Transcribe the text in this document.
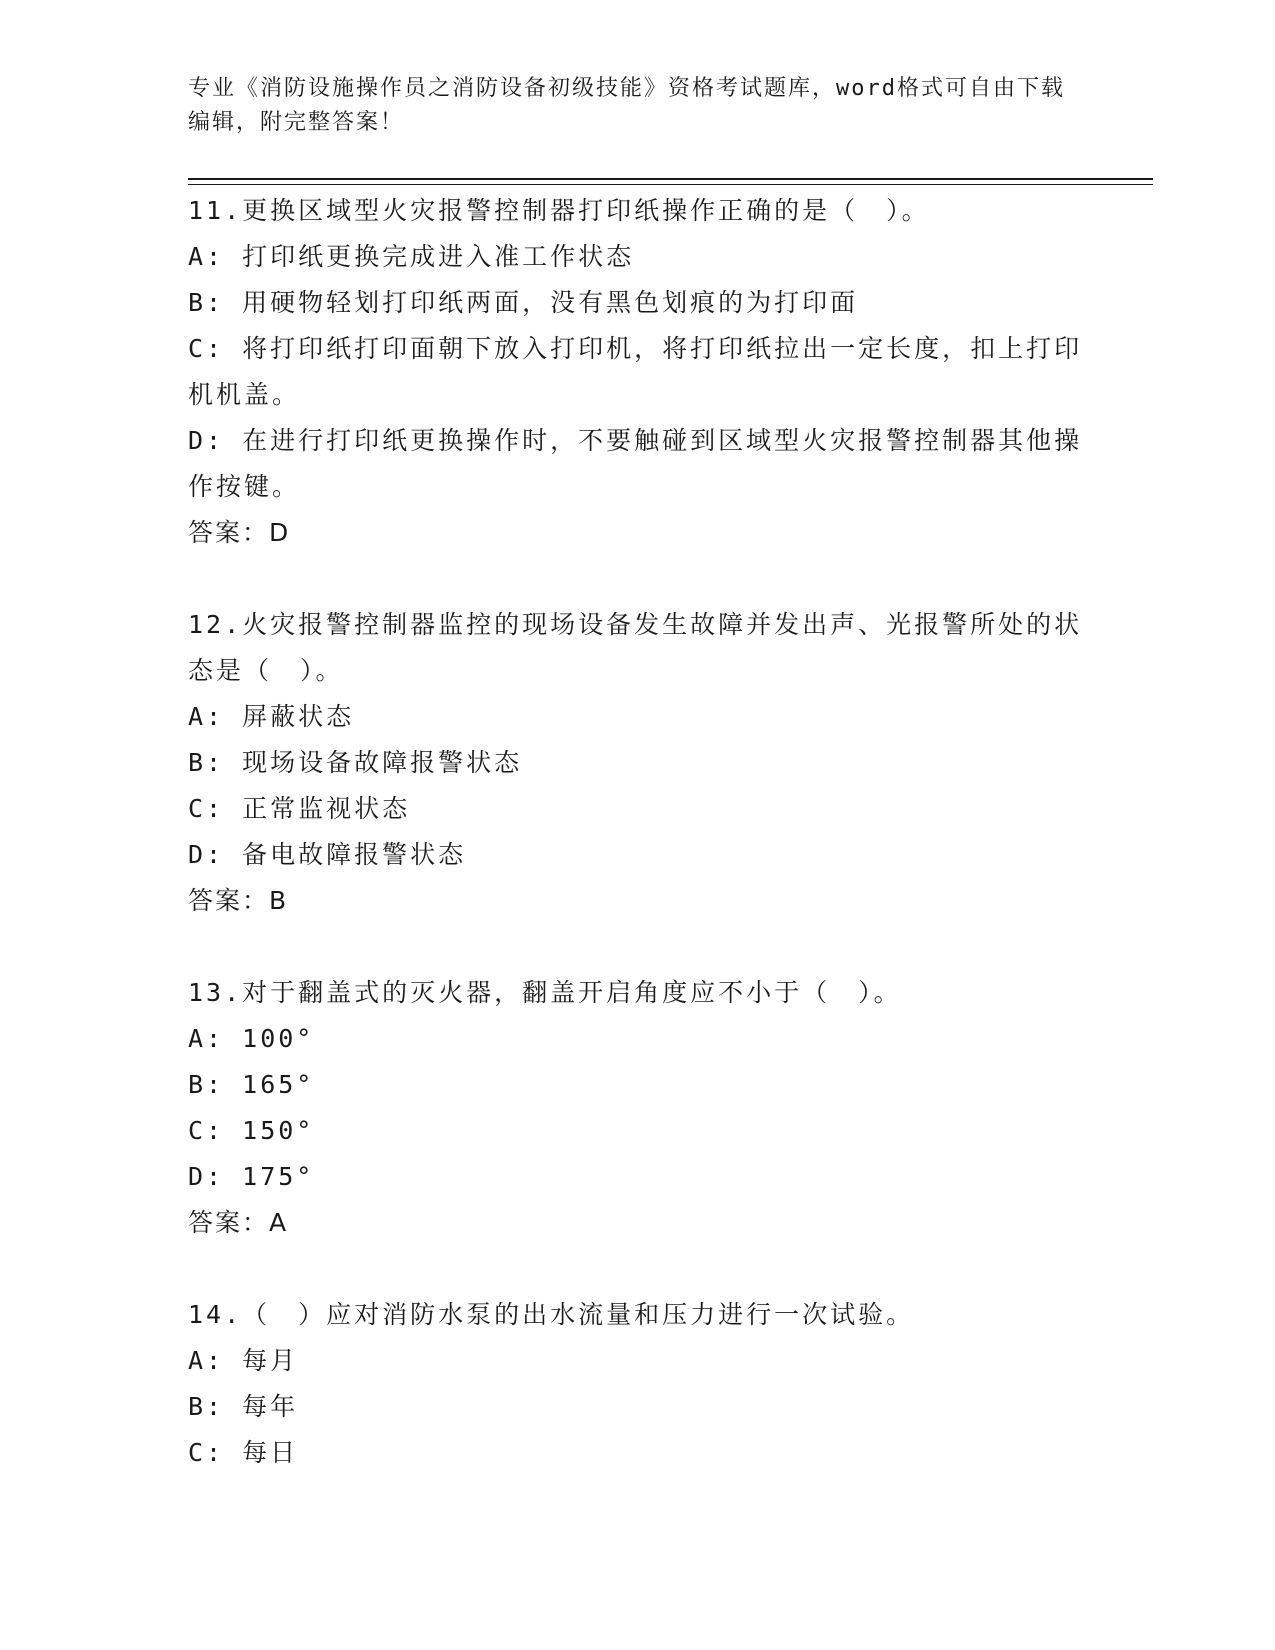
专业《消防设施操作员之消防设备初级技能》资格考试题库，word格式可自由下载编辑，附完整答案！

11.更换区域型火灾报警控制器打印纸操作正确的是（　）。

A: 打印纸更换完成进入准工作状态

B: 用硬物轻划打印纸两面，没有黑色划痕的为打印面

C: 将打印纸打印面朝下放入打印机，将打印纸拉出一定长度，扣上打印机机盖。

D: 在进行打印纸更换操作时，不要触碰到区域型火灾报警控制器其他操作按键。

答案：D

12.火灾报警控制器监控的现场设备发生故障并发出声、光报警所处的状态是（　）。

A: 屏蔽状态

B: 现场设备故障报警状态

C: 正常监视状态

D: 备电故障报警状态

答案：B

13.对于翻盖式的灭火器，翻盖开启角度应不小于（　）。

A: 100°

B: 165°

C: 150°

D: 175°

答案：A

14.（　）应对消防水泵的出水流量和压力进行一次试验。

A: 每月

B: 每年

C: 每日
